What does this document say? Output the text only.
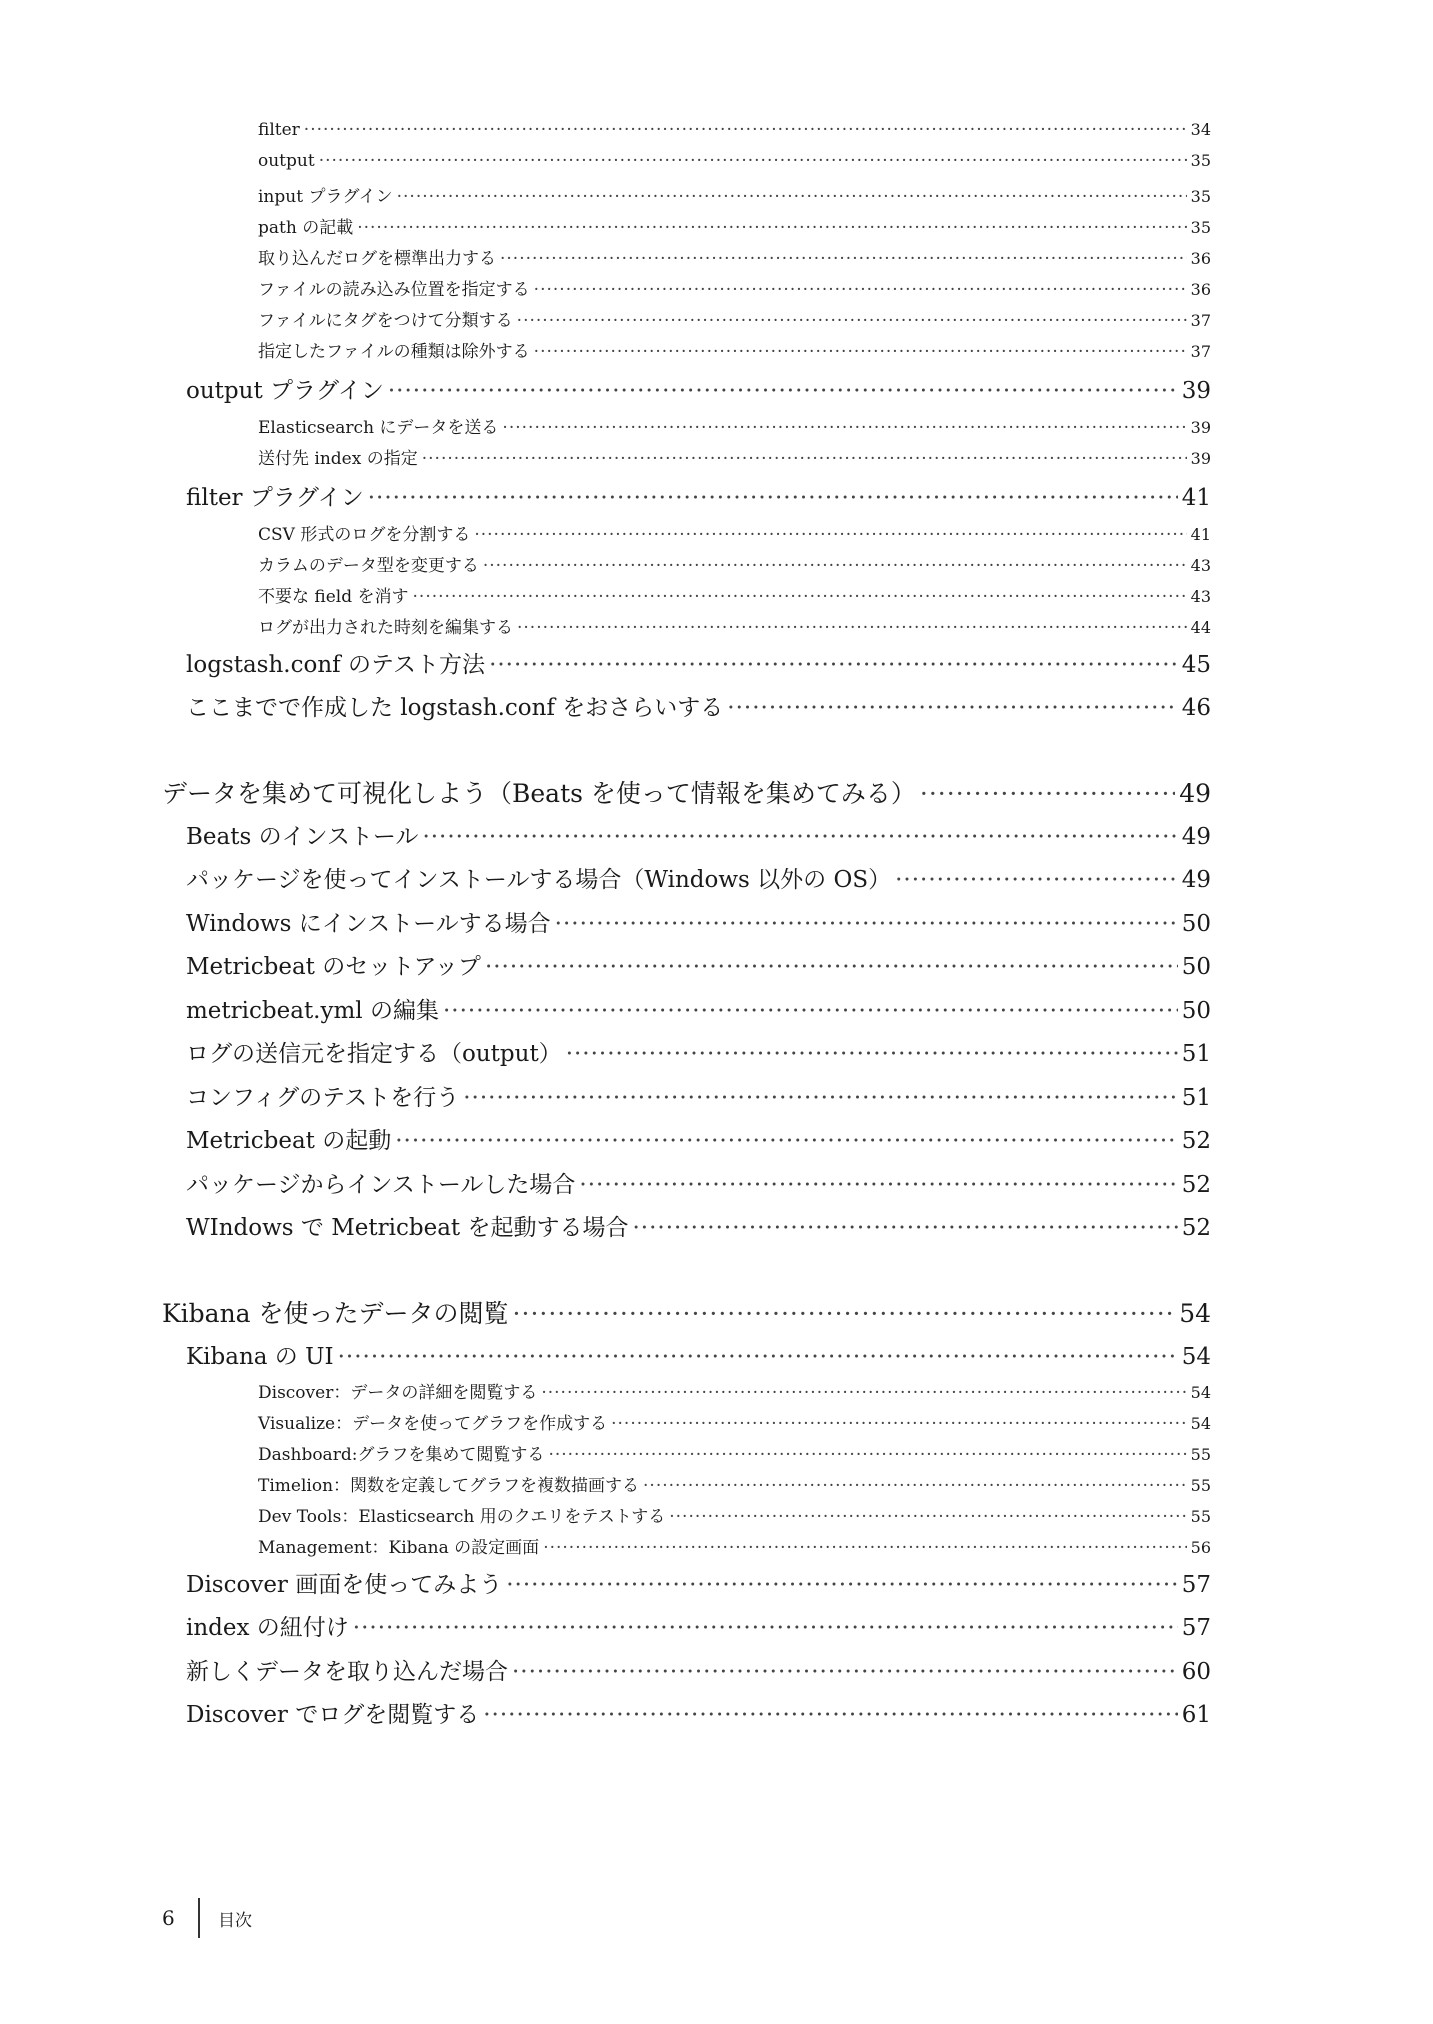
filter ·····	34
output ·····	35
input プラグイン ·····	35
path の記載 ·····	35
取り込んだログを標準出力する ·····	36
ファイルの読み込み位置を指定する ·····	36
ファイルにタグをつけて分類する ·····	37
指定したファイルの種類は除外する ·····	37
output プラグイン ·····	39
Elasticsearch にデータを送る ·····	39
送付先 index の指定 ·····	39
filter プラグイン ·····	41
CSV 形式のログを分割する ·····	41
カラムのデータ型を変更する ·····	43
不要な field を消す ·····	43
ログが出力された時刻を編集する ·····	44
logstash.conf のテスト方法 ·····	45
ここまでで作成した logstash.conf をおさらいする ·····	46
データを集めて可視化しよう（Beats を使って情報を集めてみる） ·····	49
Beats のインストール ·····	49
パッケージを使ってインストールする場合（Windows 以外の OS） ·····	49
Windows にインストールする場合 ·····	50
Metricbeat のセットアップ ·····	50
metricbeat.yml の編集 ·····	50
ログの送信元を指定する（output） ·····	51
コンフィグのテストを行う ·····	51
Metricbeat の起動 ·····	52
パッケージからインストールした場合 ·····	52
WIndows で Metricbeat を起動する場合 ·····	52
Kibana を使ったデータの閲覧 ·····	54
Kibana の UI ·····	54
Discover：データの詳細を閲覧する ·····	54
Visualize：データを使ってグラフを作成する ·····	54
Dashboard:グラフを集めて閲覧する ·····	55
Timelion：関数を定義してグラフを複数描画する ·····	55
Dev Tools：Elasticsearch 用のクエリをテストする ·····	55
Management：Kibana の設定画面 ·····	56
Discover 画面を使ってみよう ·····	57
index の紐付け ·····	57
新しくデータを取り込んだ場合 ·····	60
Discover でログを閲覧する ·····	61
6	目次
